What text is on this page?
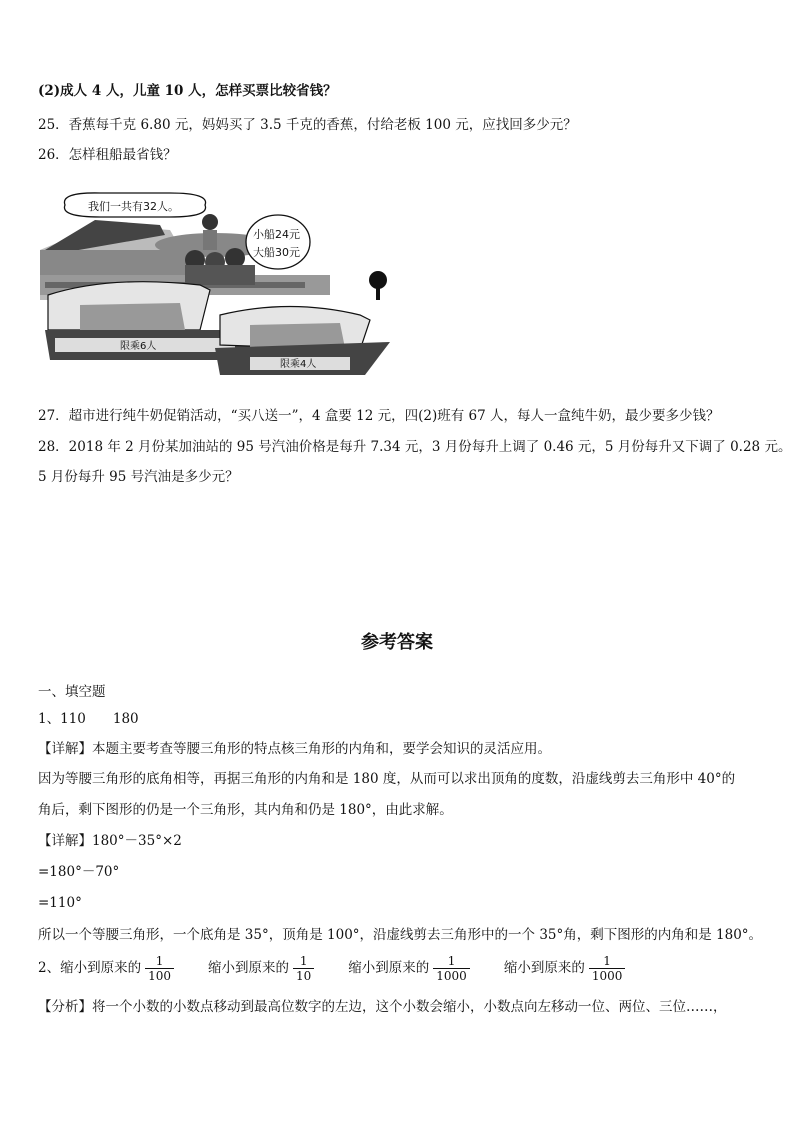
(2)成人 4 人，儿童 10 人，怎样买票比较省钱？
25．香蕉每千克 6.80 元，妈妈买了 3.5 千克的香蕉，付给老板 100 元，应找回多少元？
26．怎样租船最省钱？
我们一共有32人。
小船24元
大船30元
限乘6人
限乘4人
27．超市进行纯牛奶促销活动，“买八送一”，4 盒要 12 元，四(2)班有 67 人，每人一盒纯牛奶，最少要多少钱？
28．2018 年 2 月份某加油站的 95 号汽油价格是每升 7.34 元，3 月份每升上调了 0.46 元，5 月份每升又下调了 0.28 元。
5 月份每升 95 号汽油是多少元？
参考答案
一、填空题
1、110　　180
【详解】本题主要考查等腰三角形的特点核三角形的内角和，要学会知识的灵活应用。
因为等腰三角形的底角相等，再据三角形的内角和是 180 度，从而可以求出顶角的度数，沿虚线剪去三角形中 40°的
角后，剩下图形的仍是一个三角形，其内角和仍是 180°，由此求解。
【详解】180°－35°×2
=180°－70°
=110°
所以一个等腰三角形，一个底角是 35°，顶角是 100°，沿虚线剪去三角形中的一个 35°角，剩下图形的内角和是 180°。
2、缩小到原来的 $\frac{1}{100}$	缩小到原来的 $\frac{1}{10}$	缩小到原来的 $\frac{1}{1000}$	缩小到原来的 $\frac{1}{1000}$
【分析】将一个小数的小数点移动到最高位数字的左边，这个小数会缩小，小数点向左移动一位、两位、三位……，
